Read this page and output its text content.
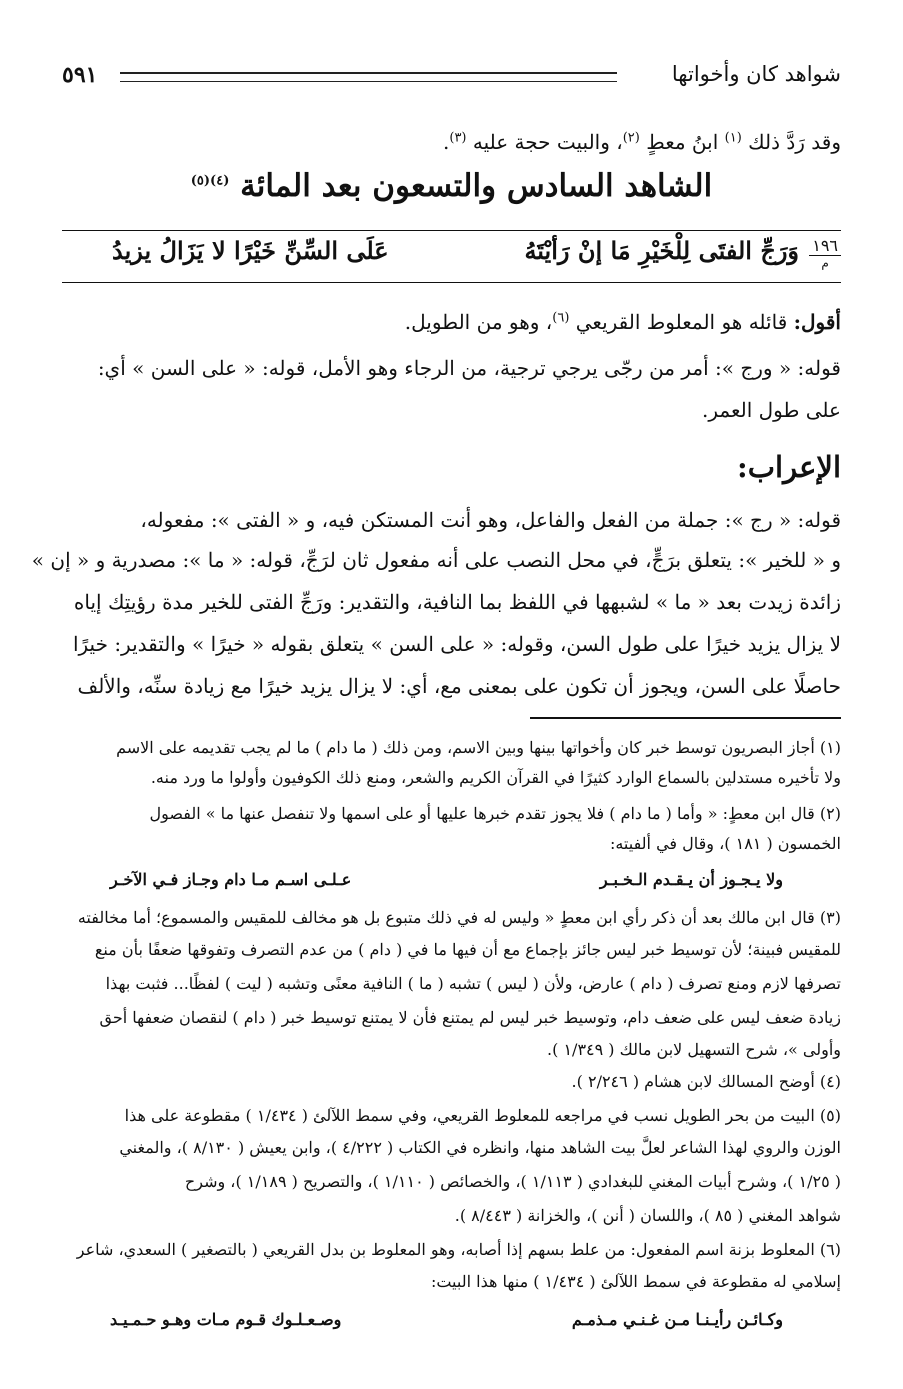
٥٩١	شواهد كان وأخواتها
وقد رَدَّ ذلك $^{(١)}$ ابنُ معطٍ $^{(٢)}$، والبيت حجة عليه $^{(٣)}$.
الشاهد السادس والتسعون بعد المائة $^{(٤)(٥)}$
١٩٦
م
وَرَجِّ الفتَى لِلْخَيْرِ مَا إنْ رَأيْتَهُ
عَلَى السِّنِّ خَيْرًا لا يَزَالُ يزيدُ
أقول: قائله هو المعلوط القريعي $^{(٦)}$، وهو من الطويل.
قوله: « ورج »: أمر من رجّى يرجي ترجية، من الرجاء وهو الأمل، قوله: « على السن » أي:
على طول العمر.
الإعراب:
قوله: « رج »: جملة من الفعل والفاعل، وهو أنت المستكن فيه، و « الفتى »: مفعوله،
و « للخير »: يتعلق برَجٍّ، في محل النصب على أنه مفعول ثان لرَجِّ، قوله: « ما »: مصدرية و « إن »
زائدة زيدت بعد « ما » لشبهها في اللفظ بما النافية، والتقدير: ورَجِّ الفتى للخير مدة رؤيتِك إياه
لا يزال يزيد خيرًا على طول السن، وقوله: « على السن » يتعلق بقوله « خيرًا » والتقدير: خيرًا
حاصلًا على السن، ويجوز أن تكون على بمعنى مع، أي: لا يزال يزيد خيرًا مع زيادة سنِّه، والألف
(١) أجاز البصريون توسط خبر كان وأخواتها بينها وبين الاسم، ومن ذلك ( ما دام ) ما لم يجب تقديمه على الاسم
ولا تأخيره مستدلين بالسماع الوارد كثيرًا في القرآن الكريم والشعر، ومنع ذلك الكوفيون وأولوا ما ورد منه.
(٢) قال ابن معطٍ: « وأما ( ما دام ) فلا يجوز تقدم خبرها عليها أو على اسمها ولا تنفصل عنها ما » الفصول
الخمسون ( ١٨١ )، وقال في ألفيته:
ولا يـجـوز أن يـقـدم الـخـبـر
عـلـى اسـم مـا دام وجـاز فـي الآخـر
(٣) قال ابن مالك بعد أن ذكر رأي ابن معطٍ « وليس له في ذلك متبوع بل هو مخالف للمقيس والمسموع؛ أما مخالفته
للمقيس فبينة؛ لأن توسيط خبر ليس جائز بإجماع مع أن فيها ما في ( دام ) من عدم التصرف وتفوقها ضعفًا بأن منع
تصرفها لازم ومنع تصرف ( دام ) عارض، ولأن ( ليس ) تشبه ( ما ) النافية معنًى وتشبه ( ليت ) لفظًا... فثبت بهذا
زيادة ضعف ليس على ضعف دام، وتوسيط خبر ليس لم يمتنع فأن لا يمتنع توسيط خبر ( دام ) لنقصان ضعفها أحق
وأولى »، شرح التسهيل لابن مالك ( ١/٣٤٩ ).
(٤) أوضح المسالك لابن هشام ( ٢/٢٤٦ ).
(٥) البيت من بحر الطويل نسب في مراجعه للمعلوط القريعي، وفي سمط اللآلئ ( ١/٤٣٤ ) مقطوعة على هذا
الوزن والروي لهذا الشاعر لعلَّ بيت الشاهد منها، وانظره في الكتاب ( ٤/٢٢٢ )، وابن يعيش ( ٨/١٣٠ )، والمغني
( ١/٢٥ )، وشرح أبيات المغني للبغدادي ( ١/١١٣ )، والخصائص ( ١/١١٠ )، والتصريح ( ١/١٨٩ )، وشرح
شواهد المغني ( ٨٥ )، واللسان ( أنن )، والخزانة ( ٨/٤٤٣ ).
(٦) المعلوط بزنة اسم المفعول: من علط بسهم إذا أصابه، وهو المعلوط بن بدل القريعي ( بالتصغير ) السعدي، شاعر
إسلامي له مقطوعة في سمط اللآلئ ( ١/٤٣٤ ) منها هذا البيت:
وكـائـن رأيـنـا مـن غـنـي مـذمـم
وصـعـلـوك قـوم مـات وهـو حـمـيـد
